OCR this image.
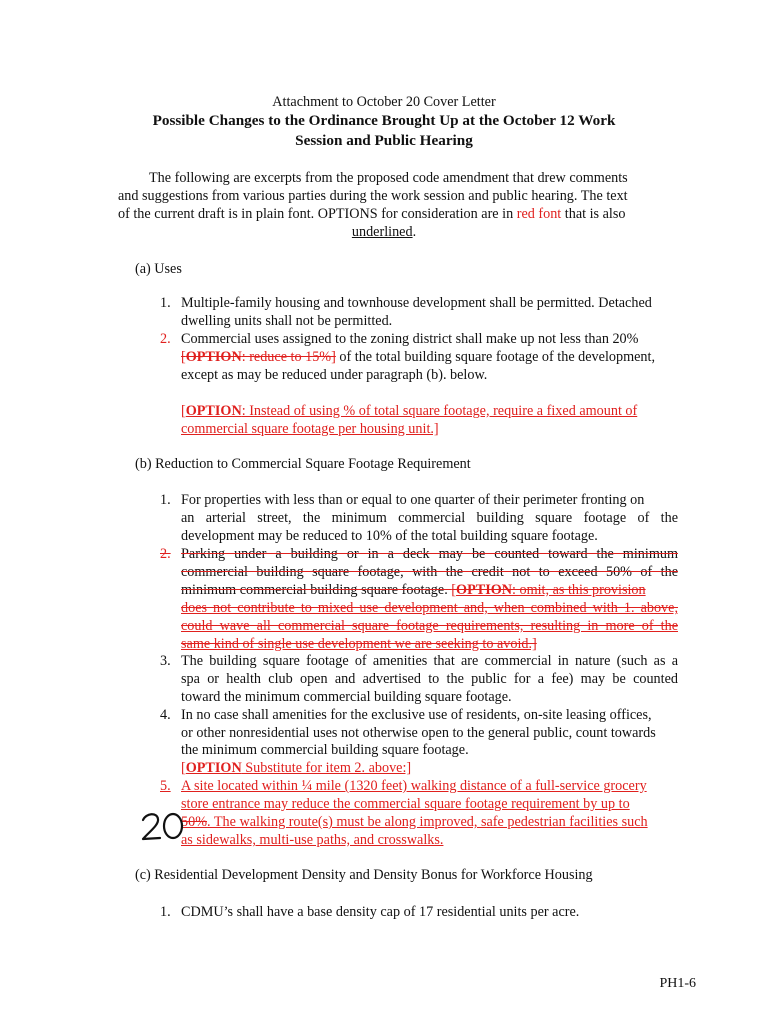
Attachment to October 20 Cover Letter
Possible Changes to the Ordinance Brought Up at the October 12 Work
Session and Public Hearing
The following are excerpts from the proposed code amendment that drew comments
and suggestions from various parties during the work session and public hearing. The text
of the current draft is in plain font. OPTIONS for consideration are in red font that is also
underlined.
(a) Uses
1. Multiple-family housing and townhouse development shall be permitted. Detached
dwelling units shall not be permitted.
2. Commercial uses assigned to the zoning district shall make up not less than 20%
[OPTION: reduce to 15%] of the total building square footage of the development,
except as may be reduced under paragraph (b). below.
[OPTION: Instead of using % of total square footage, require a fixed amount of
commercial square footage per housing unit.]
(b) Reduction to Commercial Square Footage Requirement
1. For properties with less than or equal to one quarter of their perimeter fronting on
an arterial street, the minimum commercial building square footage of the
development may be reduced to 10% of the total building square footage.
2. Parking under a building or in a deck may be counted toward the minimum
commercial building square footage, with the credit not to exceed 50% of the
minimum commercial building square footage. [OPTION: omit, as this provision
does not contribute to mixed use development and, when combined with 1. above,
could wave all commercial square footage requirements, resulting in more of the
same kind of single use development we are seeking to avoid.]
3. The building square footage of amenities that are commercial in nature (such as a
spa or health club open and advertised to the public for a fee) may be counted
toward the minimum commercial building square footage.
4. In no case shall amenities for the exclusive use of residents, on-site leasing offices,
or other nonresidential uses not otherwise open to the general public, count towards
the minimum commercial building square footage.
[OPTION Substitute for item 2. above:]
5. A site located within ¼ mile (1320 feet) walking distance of a full-service grocery
store entrance may reduce the commercial square footage requirement by up to
50%. The walking route(s) must be along improved, safe pedestrian facilities such
as sidewalks, multi-use paths, and crosswalks.
(c) Residential Development Density and Density Bonus for Workforce Housing
1. CDMU’s shall have a base density cap of 17 residential units per acre.
PH1-6
